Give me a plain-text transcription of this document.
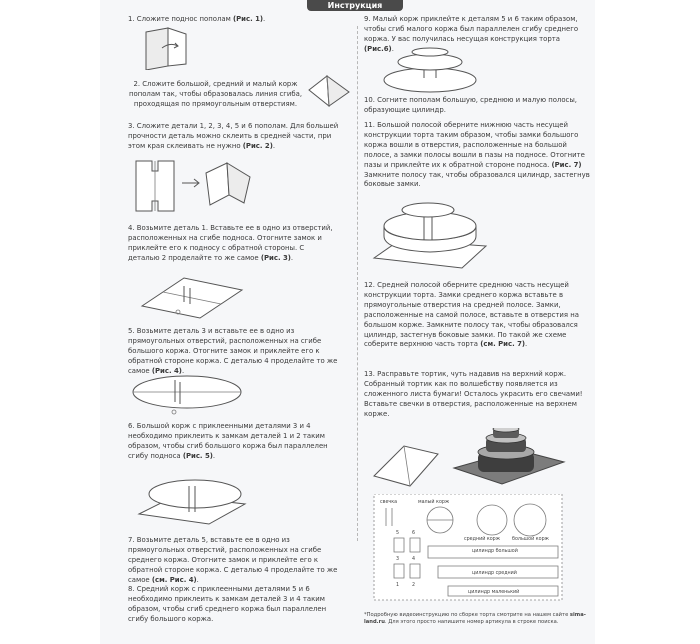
Инструкция

1. Сложите поднос пополам (Рис. 1).

2. Сложите большой, средний и малый корж пополам так, чтобы образовалась линия сгиба, проходящая по прямоугольным отверстиям.

3. Сложите детали 1, 2, 3, 4, 5 и 6 пополам. Для большей прочности деталь можно склеить в средней части, при этом края склеивать не нужно (Рис. 2).

4. Возьмите деталь 1. Вставьте ее в одно из отверстий, расположенных на сгибе подноса. Отогните замок и приклейте его к подносу с обратной стороны. С деталью 2 проделайте то же самое (Рис. 3).

5. Возьмите деталь 3 и вставьте ее в одно из прямоугольных отверстий, расположенных на сгибе большого коржа. Отогните замок и приклейте его к обратной стороне коржа. С деталью 4 проделайте то же самое (Рис. 4).

6. Большой корж с приклеенными деталями 3 и 4 необходимо приклеить к замкам деталей 1 и 2 таким образом, чтобы сгиб большого коржа был параллелен сгибу подноса (Рис. 5).

7. Возьмите деталь 5, вставьте ее в одно из прямоугольных отверстий, расположенных на сгибе среднего коржа. Отогните замок и приклейте его к обратной стороне коржа. С деталью 4 проделайте то же самое (см. Рис. 4).

8. Средний корж с приклеенными деталями 5 и 6 необходимо приклеить к замкам деталей 3 и 4 таким образом, чтобы сгиб среднего коржа был параллелен сгибу большого коржа.

9. Малый корж приклейте к деталям 5 и 6 таким образом, чтобы сгиб малого коржа был параллелен сгибу среднего коржа. У вас получилась несущая конструкция торта (Рис.6).

10. Согните пополам большую, среднюю и малую полосы, образующие цилиндр.

11. Большой полосой оберните нижнюю часть несущей конструкции торта таким образом, чтобы замки большого коржа вошли в отверстия, расположенные на большой полосе, а замки полосы вошли в пазы на подносе. Отогните пазы и приклейте их к обратной стороне подноса. (Рис. 7) Замкните полосу так, чтобы образовался цилиндр, застегнув боковые замки.

12. Средней полосой оберните среднюю часть несущей конструкции торта. Замки среднего коржа вставьте в прямоугольные отверстия на средней полосе. Замки, расположенные на самой полосе, вставьте в отверстия на большом корже. Замкните полосу так, чтобы образовался цилиндр, застегнув боковые замки. По такой же схеме соберите верхнюю часть торта (см. Рис. 7).

13. Расправьте тортик, чуть надавив на верхний корж. Собранный тортик как по волшебству появляется из сложенного листа бумаги! Осталось украсить его свечами! Вставьте свечки в отверстия, расположенные на верхнем корже.

свечка	малый корж
средний корж большой корж
5	6
3	4
1	2
цилиндр большой
цилиндр средний
цилиндр маленький
*Подробную видеоинструкцию по сборке торта смотрите на нашем сайте sima-land.ru. Для этого просто напишите номер артикула в строке поиска.
